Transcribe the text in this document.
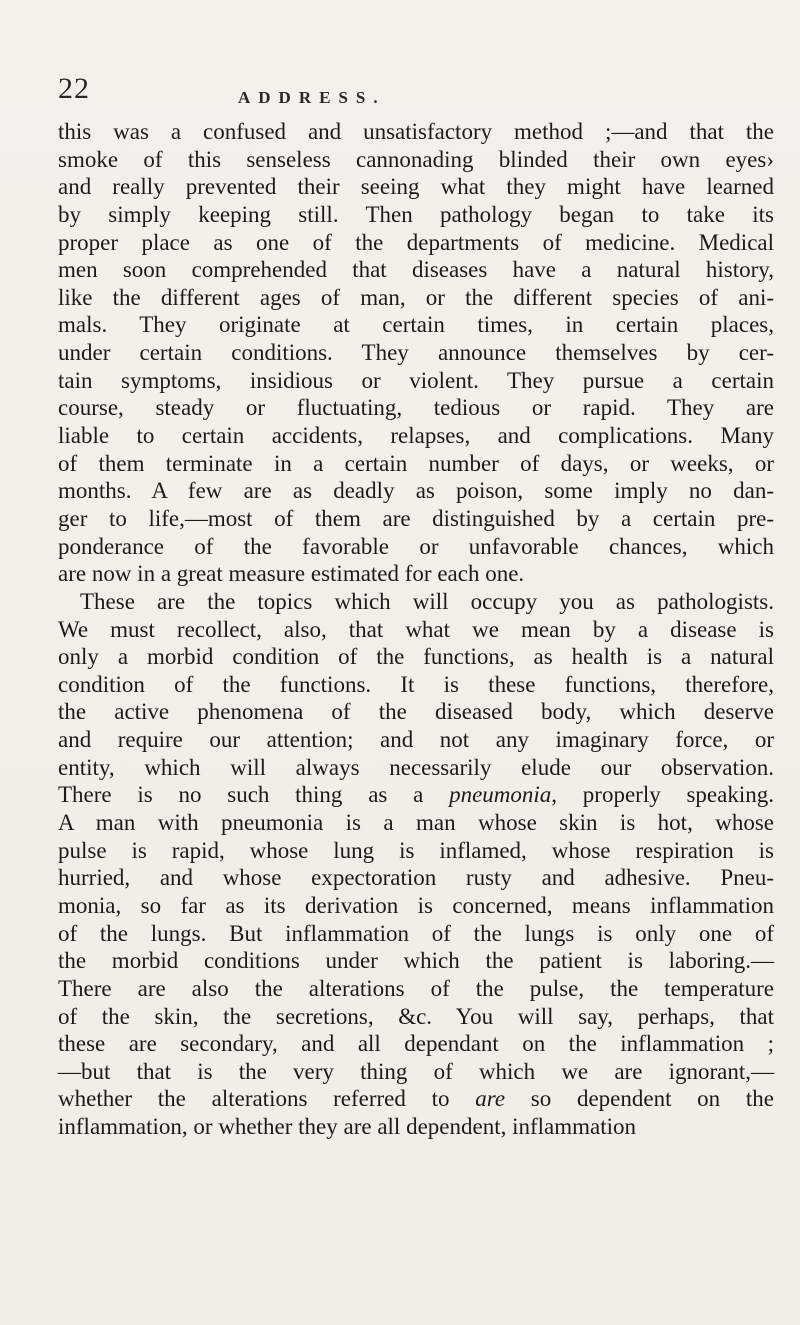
22	ADDRESS.
this was a confused and unsatisfactory method ;—and that the
smoke of this senseless cannonading blinded their own eyes›
and really prevented their seeing what they might have learned
by simply keeping still. Then pathology began to take its
proper place as one of the departments of medicine. Medical
men soon comprehended that diseases have a natural history,
like the different ages of man, or the different species of ani-
mals. They originate at certain times, in certain places,
under certain conditions. They announce themselves by cer-
tain symptoms, insidious or violent. They pursue a certain
course, steady or fluctuating, tedious or rapid. They are
liable to certain accidents, relapses, and complications. Many
of them terminate in a certain number of days, or weeks, or
months. A few are as deadly as poison, some imply no dan-
ger to life,—most of them are distinguished by a certain pre-
ponderance of the favorable or unfavorable chances, which
are now in a great measure estimated for each one.
These are the topics which will occupy you as pathologists.
We must recollect, also, that what we mean by a disease is
only a morbid condition of the functions, as health is a natural
condition of the functions. It is these functions, therefore,
the active phenomena of the diseased body, which deserve
and require our attention; and not any imaginary force, or
entity, which will always necessarily elude our observation.
There is no such thing as a pneumonia, properly speaking.
A man with pneumonia is a man whose skin is hot, whose
pulse is rapid, whose lung is inflamed, whose respiration is
hurried, and whose expectoration rusty and adhesive. Pneu-
monia, so far as its derivation is concerned, means inflammation
of the lungs. But inflammation of the lungs is only one of
the morbid conditions under which the patient is laboring.—
There are also the alterations of the pulse, the temperature
of the skin, the secretions, &c. You will say, perhaps, that
these are secondary, and all dependant on the inflammation ;
—but that is the very thing of which we are ignorant,—
whether the alterations referred to are so dependent on the
inflammation, or whether they are all dependent, inflammation
